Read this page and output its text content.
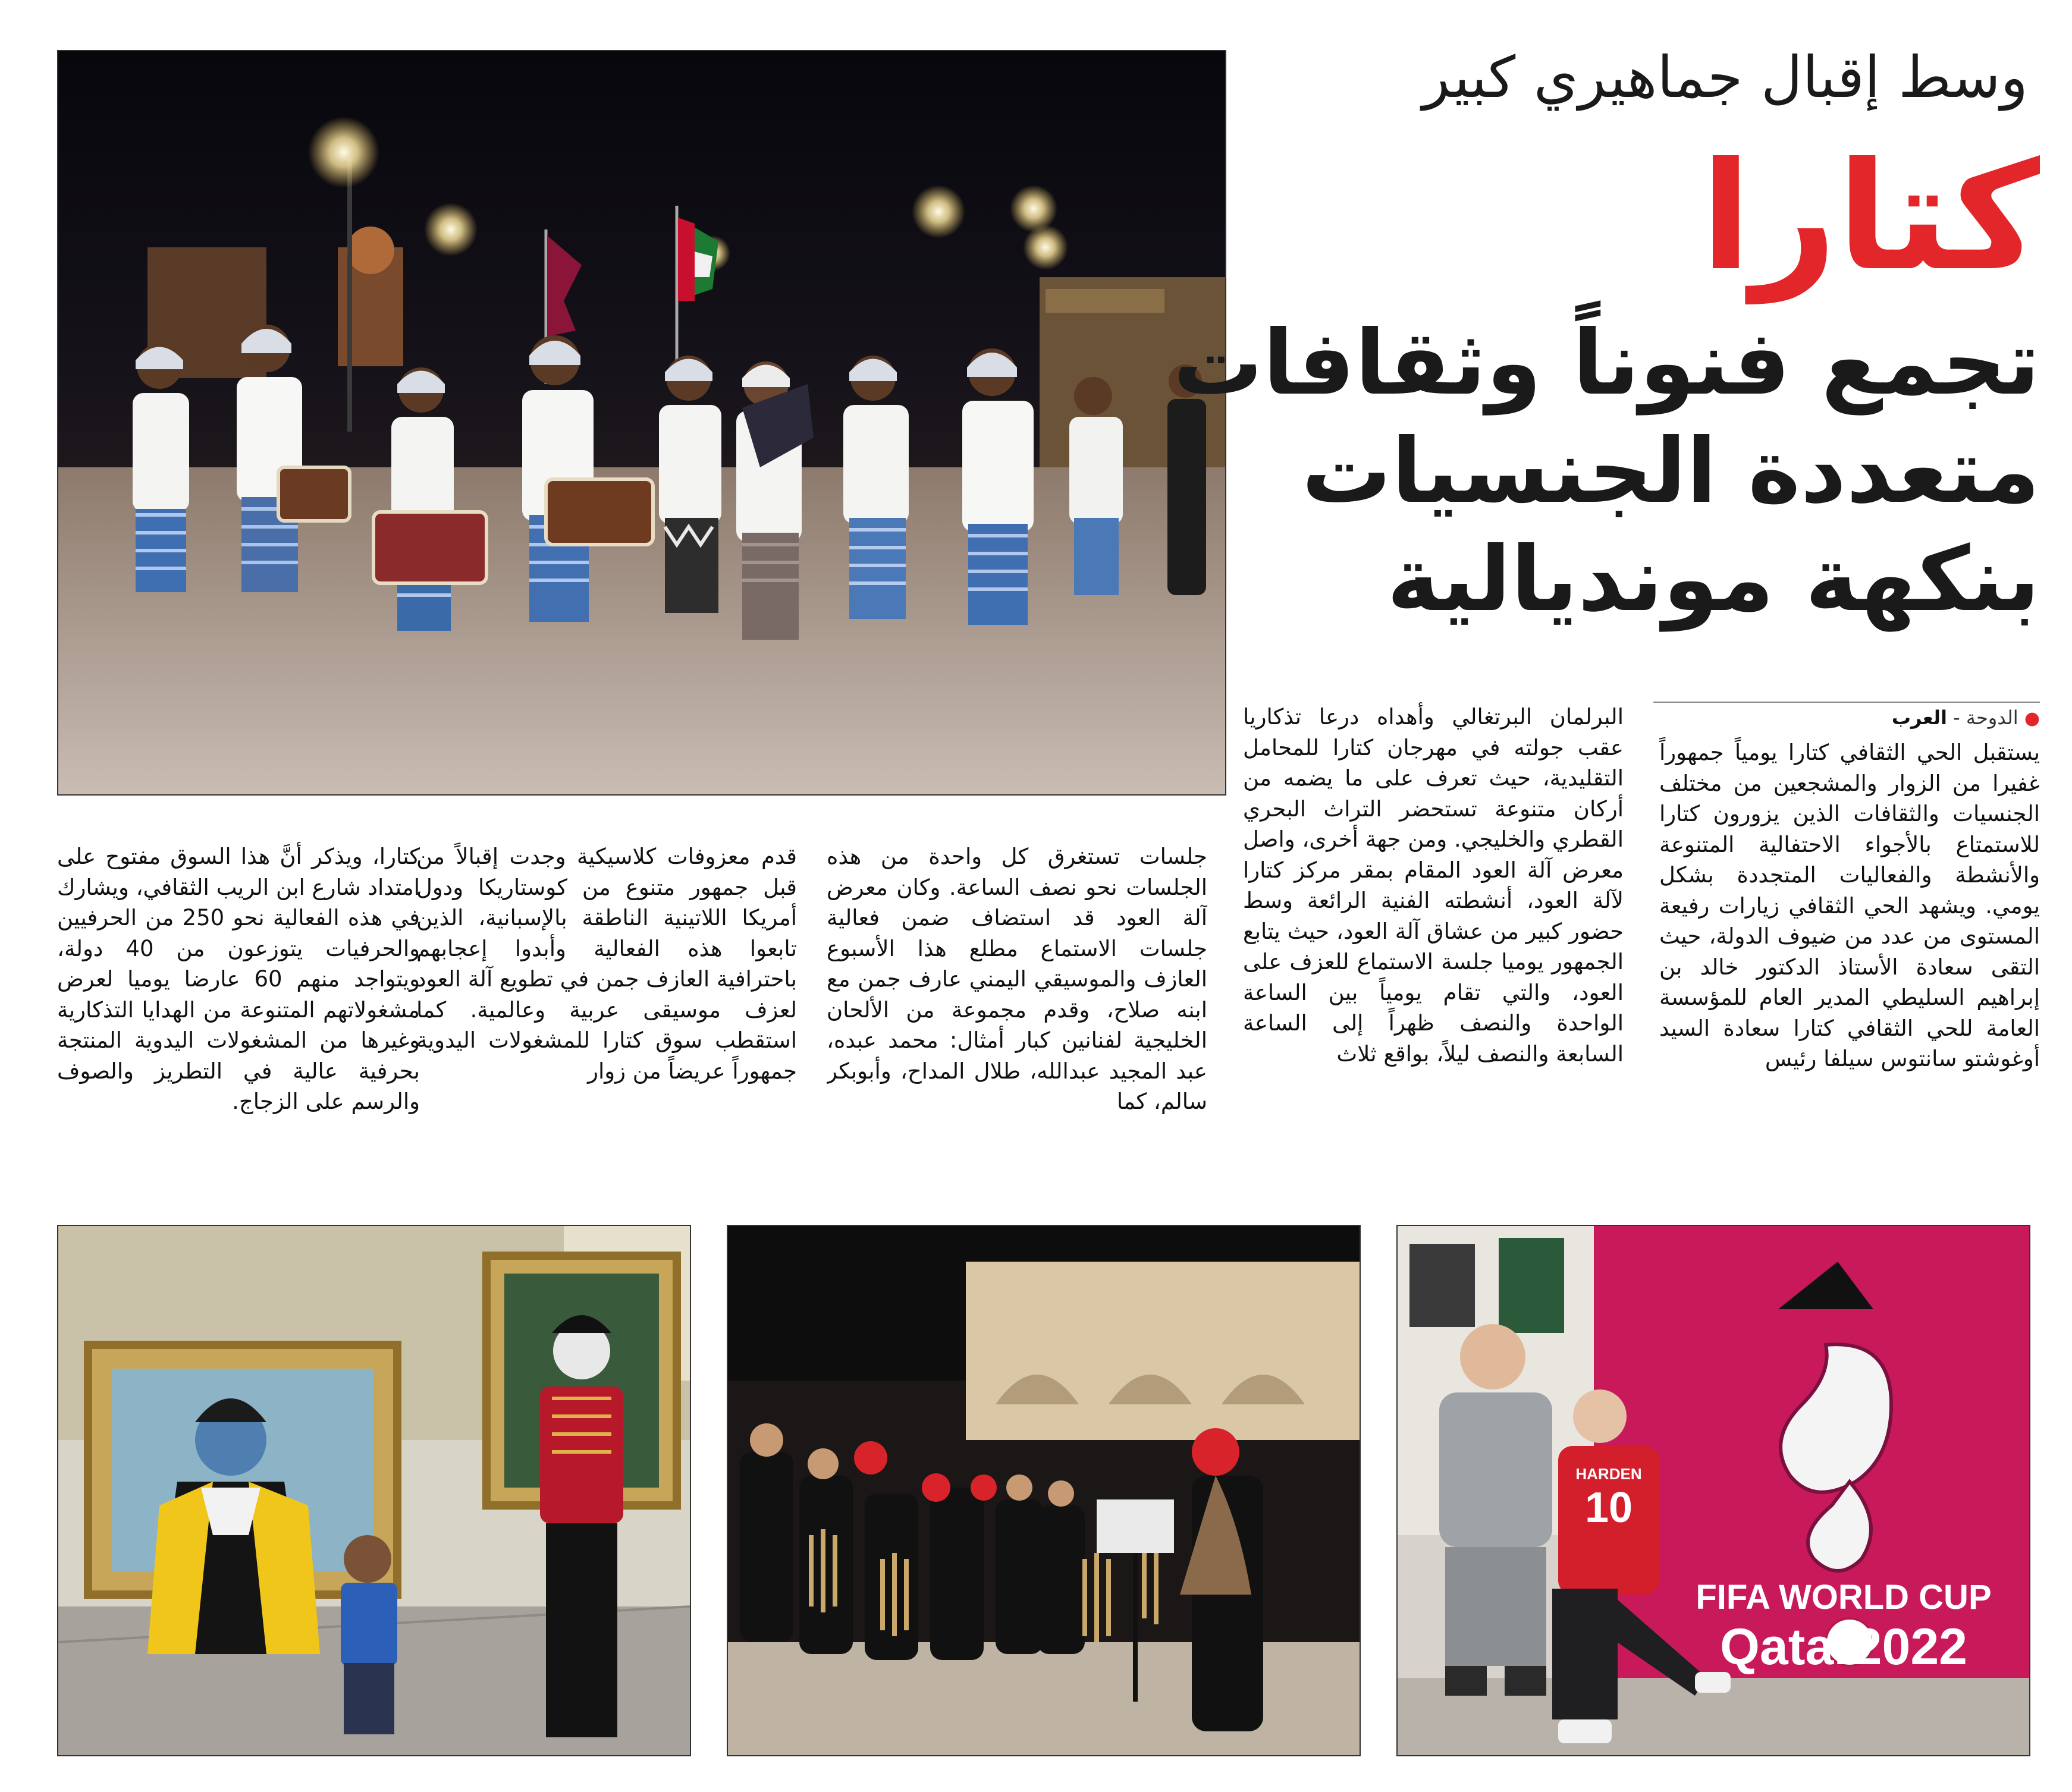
وسط إقبال جماهيري كبير
كتارا
تجمع فنوناً وثقافات
متعددة الجنسيات
بنكهة مونديالية
● الدوحة - العرب

يستقبل الحي الثقافي كتارا يومياً جمهوراً غفيرا من الزوار والمشجعين من مختلف الجنسيات والثقافات الذين يزورون كتارا للاستمتاع بالأجواء الاحتفالية المتنوعة والأنشطة والفعاليات المتجددة بشكل يومي. ويشهد الحي الثقافي زيارات رفيعة المستوى من عدد من ضيوف الدولة، حيث التقى سعادة الأستاذ الدكتور خالد بن إبراهيم السليطي المدير العام للمؤسسة العامة للحي الثقافي كتارا سعادة السيد أوغوشتو سانتوس سيلفا رئيس

البرلمان البرتغالي وأهداه درعا تذكاريا عقب جولته في مهرجان كتارا للمحامل التقليدية، حيث تعرف على ما يضمه من أركان متنوعة تستحضر التراث البحري القطري والخليجي. ومن جهة أخرى، واصل معرض آلة العود المقام بمقر مركز كتارا لآلة العود، أنشطته الفنية الرائعة وسط حضور كبير من عشاق آلة العود، حيث يتابع الجمهور يوميا جلسة الاستماع للعزف على العود، والتي تقام يومياً بين الساعة الواحدة والنصف ظهراً إلى الساعة السابعة والنصف ليلاً، بواقع ثلاث

جلسات تستغرق كل واحدة من هذه الجلسات نحو نصف الساعة. وكان معرض آلة العود قد استضاف ضمن فعالية جلسات الاستماع مطلع هذا الأسبوع العازف والموسيقي اليمني عارف جمن مع ابنه صلاح، وقدم مجموعة من الألحان الخليجية لفنانين كبار أمثال: محمد عبده، عبد المجيد عبدالله، طلال المداح، وأبوبكر سالم، كما

قدم معزوفات كلاسيكية وجدت إقبالاً من قبل جمهور متنوع من كوستاريكا ودول أمريكا اللاتينية الناطقة بالإسبانية، الذين تابعوا هذه الفعالية وأبدوا إعجابهم باحترافية العازف جمن في تطويع آلة العود لعزف موسيقى عربية وعالمية. كما استقطب سوق كتارا للمشغولات اليدوية جمهوراً عريضاً من زوار

كتارا، ويذكر أنَّ هذا السوق مفتوح على امتداد شارع ابن الريب الثقافي، ويشارك في هذه الفعالية نحو 250 من الحرفيين والحرفيات يتوزعون من 40 دولة، ويتواجد منهم 60 عارضا يوميا لعرض مشغولاتهم المتنوعة من الهدايا التذكارية وغيرها من المشغولات اليدوية المنتجة بحرفية عالية في التطريز والصوف والرسم على الزجاج.

FIFA WORLD CUP
Qatar2022
HARDEN
10
